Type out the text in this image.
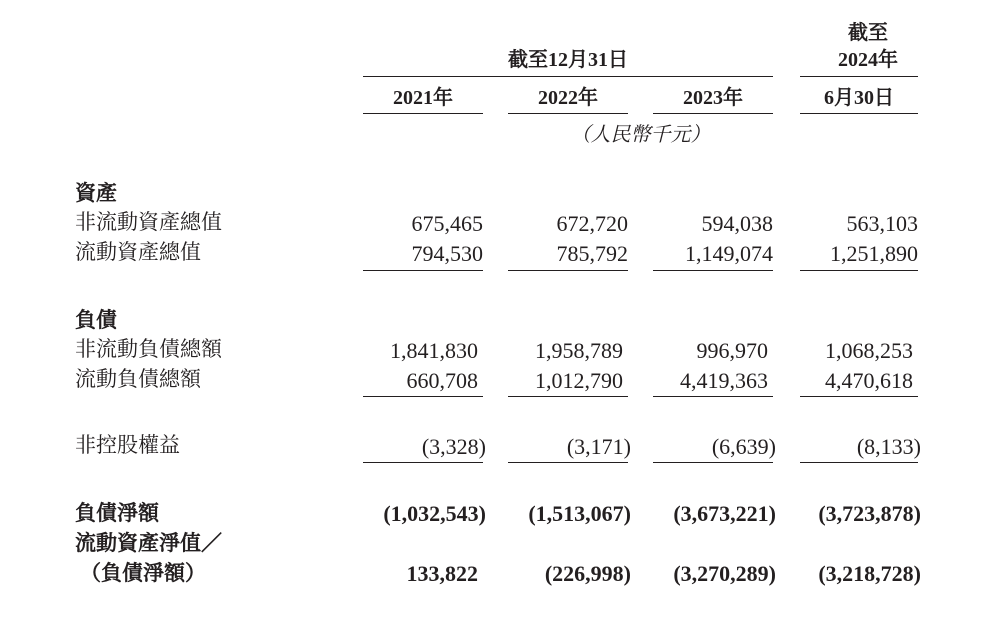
截至
2024年
截至12月31日
2021年	2022年	2023年	6月30日
（人民幣千元）
資產
非流動資產總值	675,465	672,720	594,038	563,103
流動資產總值	794,530	785,792	1,149,074	1,251,890
負債
非流動負債總額	1,841,830	1,958,789	996,970	1,068,253
流動負債總額	660,708	1,012,790	4,419,363	4,470,618
非控股權益	(3,328)	(3,171)	(6,639)	(8,133)
負債淨額	(1,032,543)	(1,513,067)	(3,673,221)	(3,723,878)
流動資產淨值／
（負債淨額）	133,822	(226,998)	(3,270,289)	(3,218,728)
